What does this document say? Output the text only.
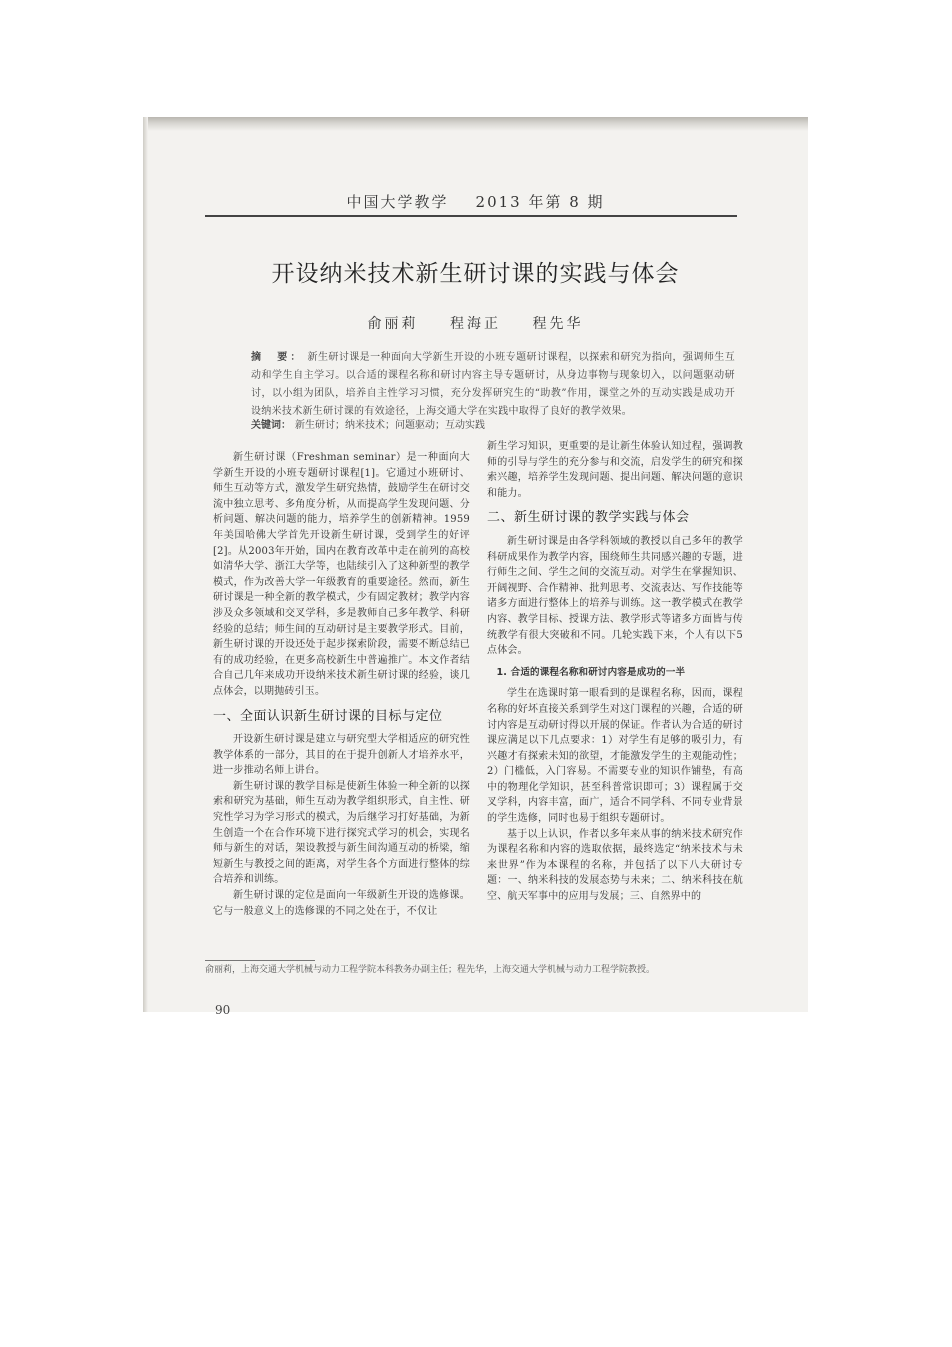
中国大学教学 2013 年第 8 期
开设纳米技术新生研讨课的实践与体会
俞丽莉 程海正 程先华
摘　要： 新生研讨课是一种面向大学新生开设的小班专题研讨课程，以探索和研究为指向，强调师生互动和学生自主学习。以合适的课程名称和研讨内容主导专题研讨，从身边事物与现象切入，以问题驱动研讨，以小组为团队，培养自主性学习习惯，充分发挥研究生的“助教”作用，课堂之外的互动实践是成功开设纳米技术新生研讨课的有效途径，上海交通大学在实践中取得了良好的教学效果。
关键词： 新生研讨；纳米技术；问题驱动；互动实践

新生研讨课（Freshman seminar）是一种面向大学新生开设的小班专题研讨课程[1]。它通过小班研讨、师生互动等方式，激发学生研究热情，鼓励学生在研讨交流中独立思考、多角度分析，从而提高学生发现问题、分析问题、解决问题的能力，培养学生的创新精神。1959年美国哈佛大学首先开设新生研讨课，受到学生的好评[2]。从2003年开始，国内在教育改革中走在前列的高校如清华大学、浙江大学等，也陆续引入了这种新型的教学模式，作为改善大学一年级教育的重要途径。然而，新生研讨课是一种全新的教学模式，少有固定教材；教学内容涉及众多领域和交叉学科，多是教师自己多年教学、科研经验的总结；师生间的互动研讨是主要教学形式。目前，新生研讨课的开设还处于起步探索阶段，需要不断总结已有的成功经验，在更多高校新生中普遍推广。本文作者结合自己几年来成功开设纳米技术新生研讨课的经验，谈几点体会，以期抛砖引玉。

一、全面认识新生研讨课的目标与定位

开设新生研讨课是建立与研究型大学相适应的研究性教学体系的一部分，其目的在于提升创新人才培养水平，进一步推动名师上讲台。

新生研讨课的教学目标是使新生体验一种全新的以探索和研究为基础，师生互动为教学组织形式，自主性、研究性学习为学习形式的模式，为后继学习打好基础，为新生创造一个在合作环境下进行探究式学习的机会，实现名师与新生的对话，架设教授与新生间沟通互动的桥梁，缩短新生与教授之间的距离，对学生各个方面进行整体的综合培养和训练。

新生研讨课的定位是面向一年级新生开设的选修课。它与一般意义上的选修课的不同之处在于，不仅让

新生学习知识，更重要的是让新生体验认知过程，强调教师的引导与学生的充分参与和交流，启发学生的研究和探索兴趣，培养学生发现问题、提出问题、解决问题的意识和能力。

二、新生研讨课的教学实践与体会

新生研讨课是由各学科领域的教授以自己多年的教学科研成果作为教学内容，围绕师生共同感兴趣的专题，进行师生之间、学生之间的交流互动。对学生在掌握知识、开阔视野、合作精神、批判思考、交流表达、写作技能等诸多方面进行整体上的培养与训练。这一教学模式在教学内容、教学目标、授课方法、教学形式等诸多方面皆与传统教学有很大突破和不同。几轮实践下来，个人有以下5点体会。

1. 合适的课程名称和研讨内容是成功的一半

学生在选课时第一眼看到的是课程名称，因而，课程名称的好坏直接关系到学生对这门课程的兴趣，合适的研讨内容是互动研讨得以开展的保证。作者认为合适的研讨课应满足以下几点要求：1）对学生有足够的吸引力，有兴趣才有探索未知的欲望，才能激发学生的主观能动性；2）门槛低，入门容易。不需要专业的知识作铺垫，有高中的物理化学知识，甚至科普常识即可；3）课程属于交叉学科，内容丰富，面广，适合不同学科、不同专业背景的学生选修，同时也易于组织专题研讨。

基于以上认识，作者以多年来从事的纳米技术研究作为课程名称和内容的选取依据，最终选定“纳米技术与未来世界”作为本课程的名称，并包括了以下八大研讨专题：一、纳米科技的发展态势与未来；二、纳米科技在航空、航天军事中的应用与发展；三、自然界中的

俞丽莉，上海交通大学机械与动力工程学院本科教务办副主任；程先华，上海交通大学机械与动力工程学院教授。
90
